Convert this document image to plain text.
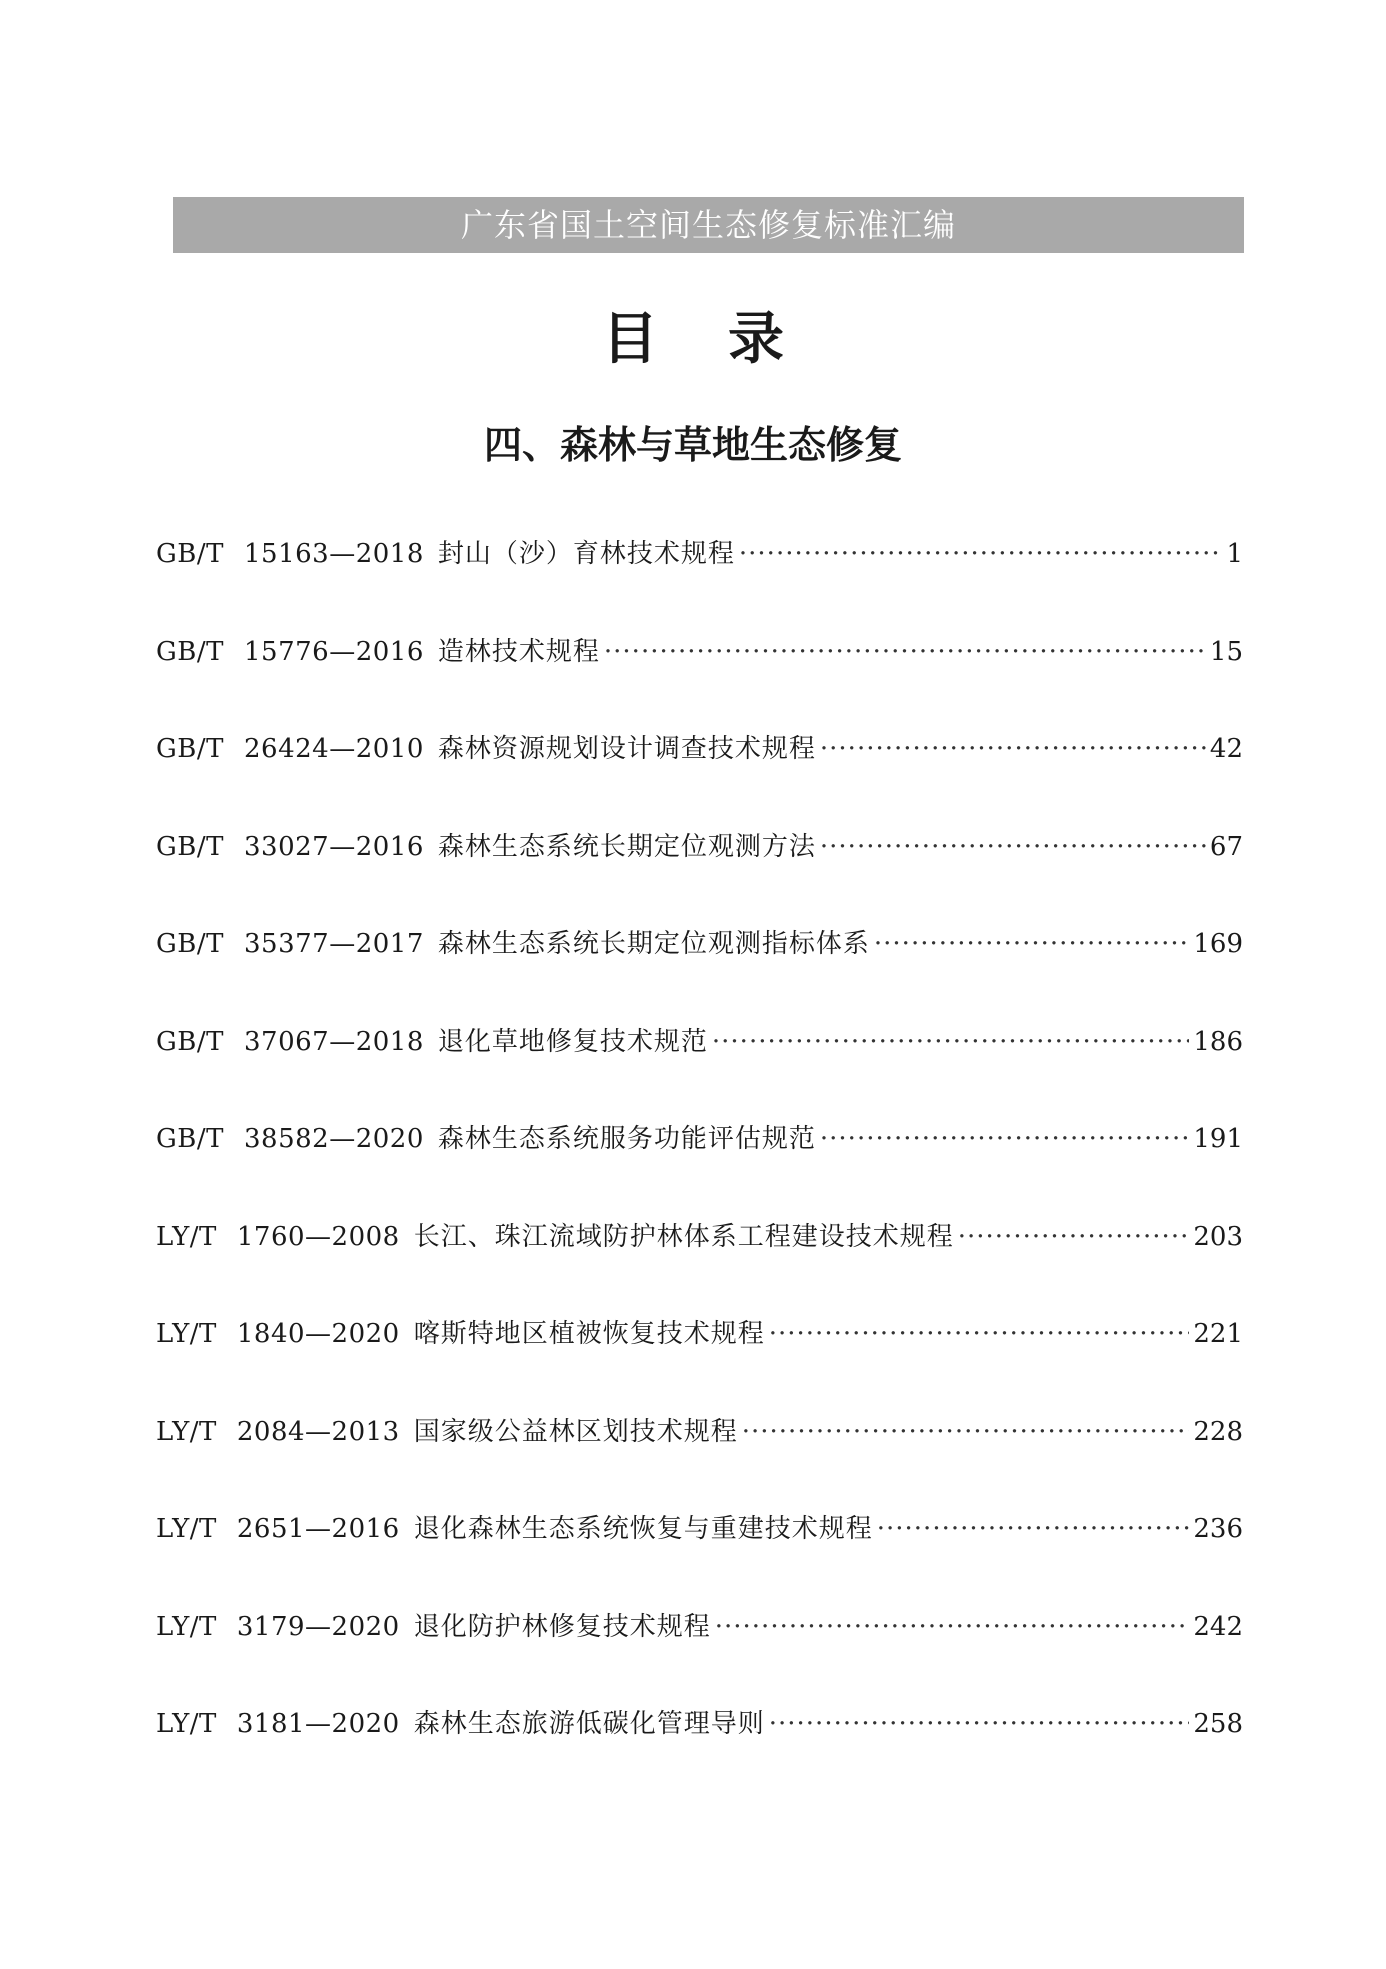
广东省国土空间生态修复标准汇编
目 录
四、森林与草地生态修复
GB/T 15163—2018 封山（沙）育林技术规程 ·····	1
GB/T 15776—2016 造林技术规程 ·····	15
GB/T 26424—2010 森林资源规划设计调查技术规程 ·····	42
GB/T 33027—2016 森林生态系统长期定位观测方法 ·····	67
GB/T 35377—2017 森林生态系统长期定位观测指标体系 ·····	169
GB/T 37067—2018 退化草地修复技术规范 ·····	186
GB/T 38582—2020 森林生态系统服务功能评估规范 ·····	191
LY/T 1760—2008 长江、珠江流域防护林体系工程建设技术规程 ·····	203
LY/T 1840—2020 喀斯特地区植被恢复技术规程 ·····	221
LY/T 2084—2013 国家级公益林区划技术规程 ·····	228
LY/T 2651—2016 退化森林生态系统恢复与重建技术规程 ·····	236
LY/T 3179—2020 退化防护林修复技术规程 ·····	242
LY/T 3181—2020 森林生态旅游低碳化管理导则 ·····	258
